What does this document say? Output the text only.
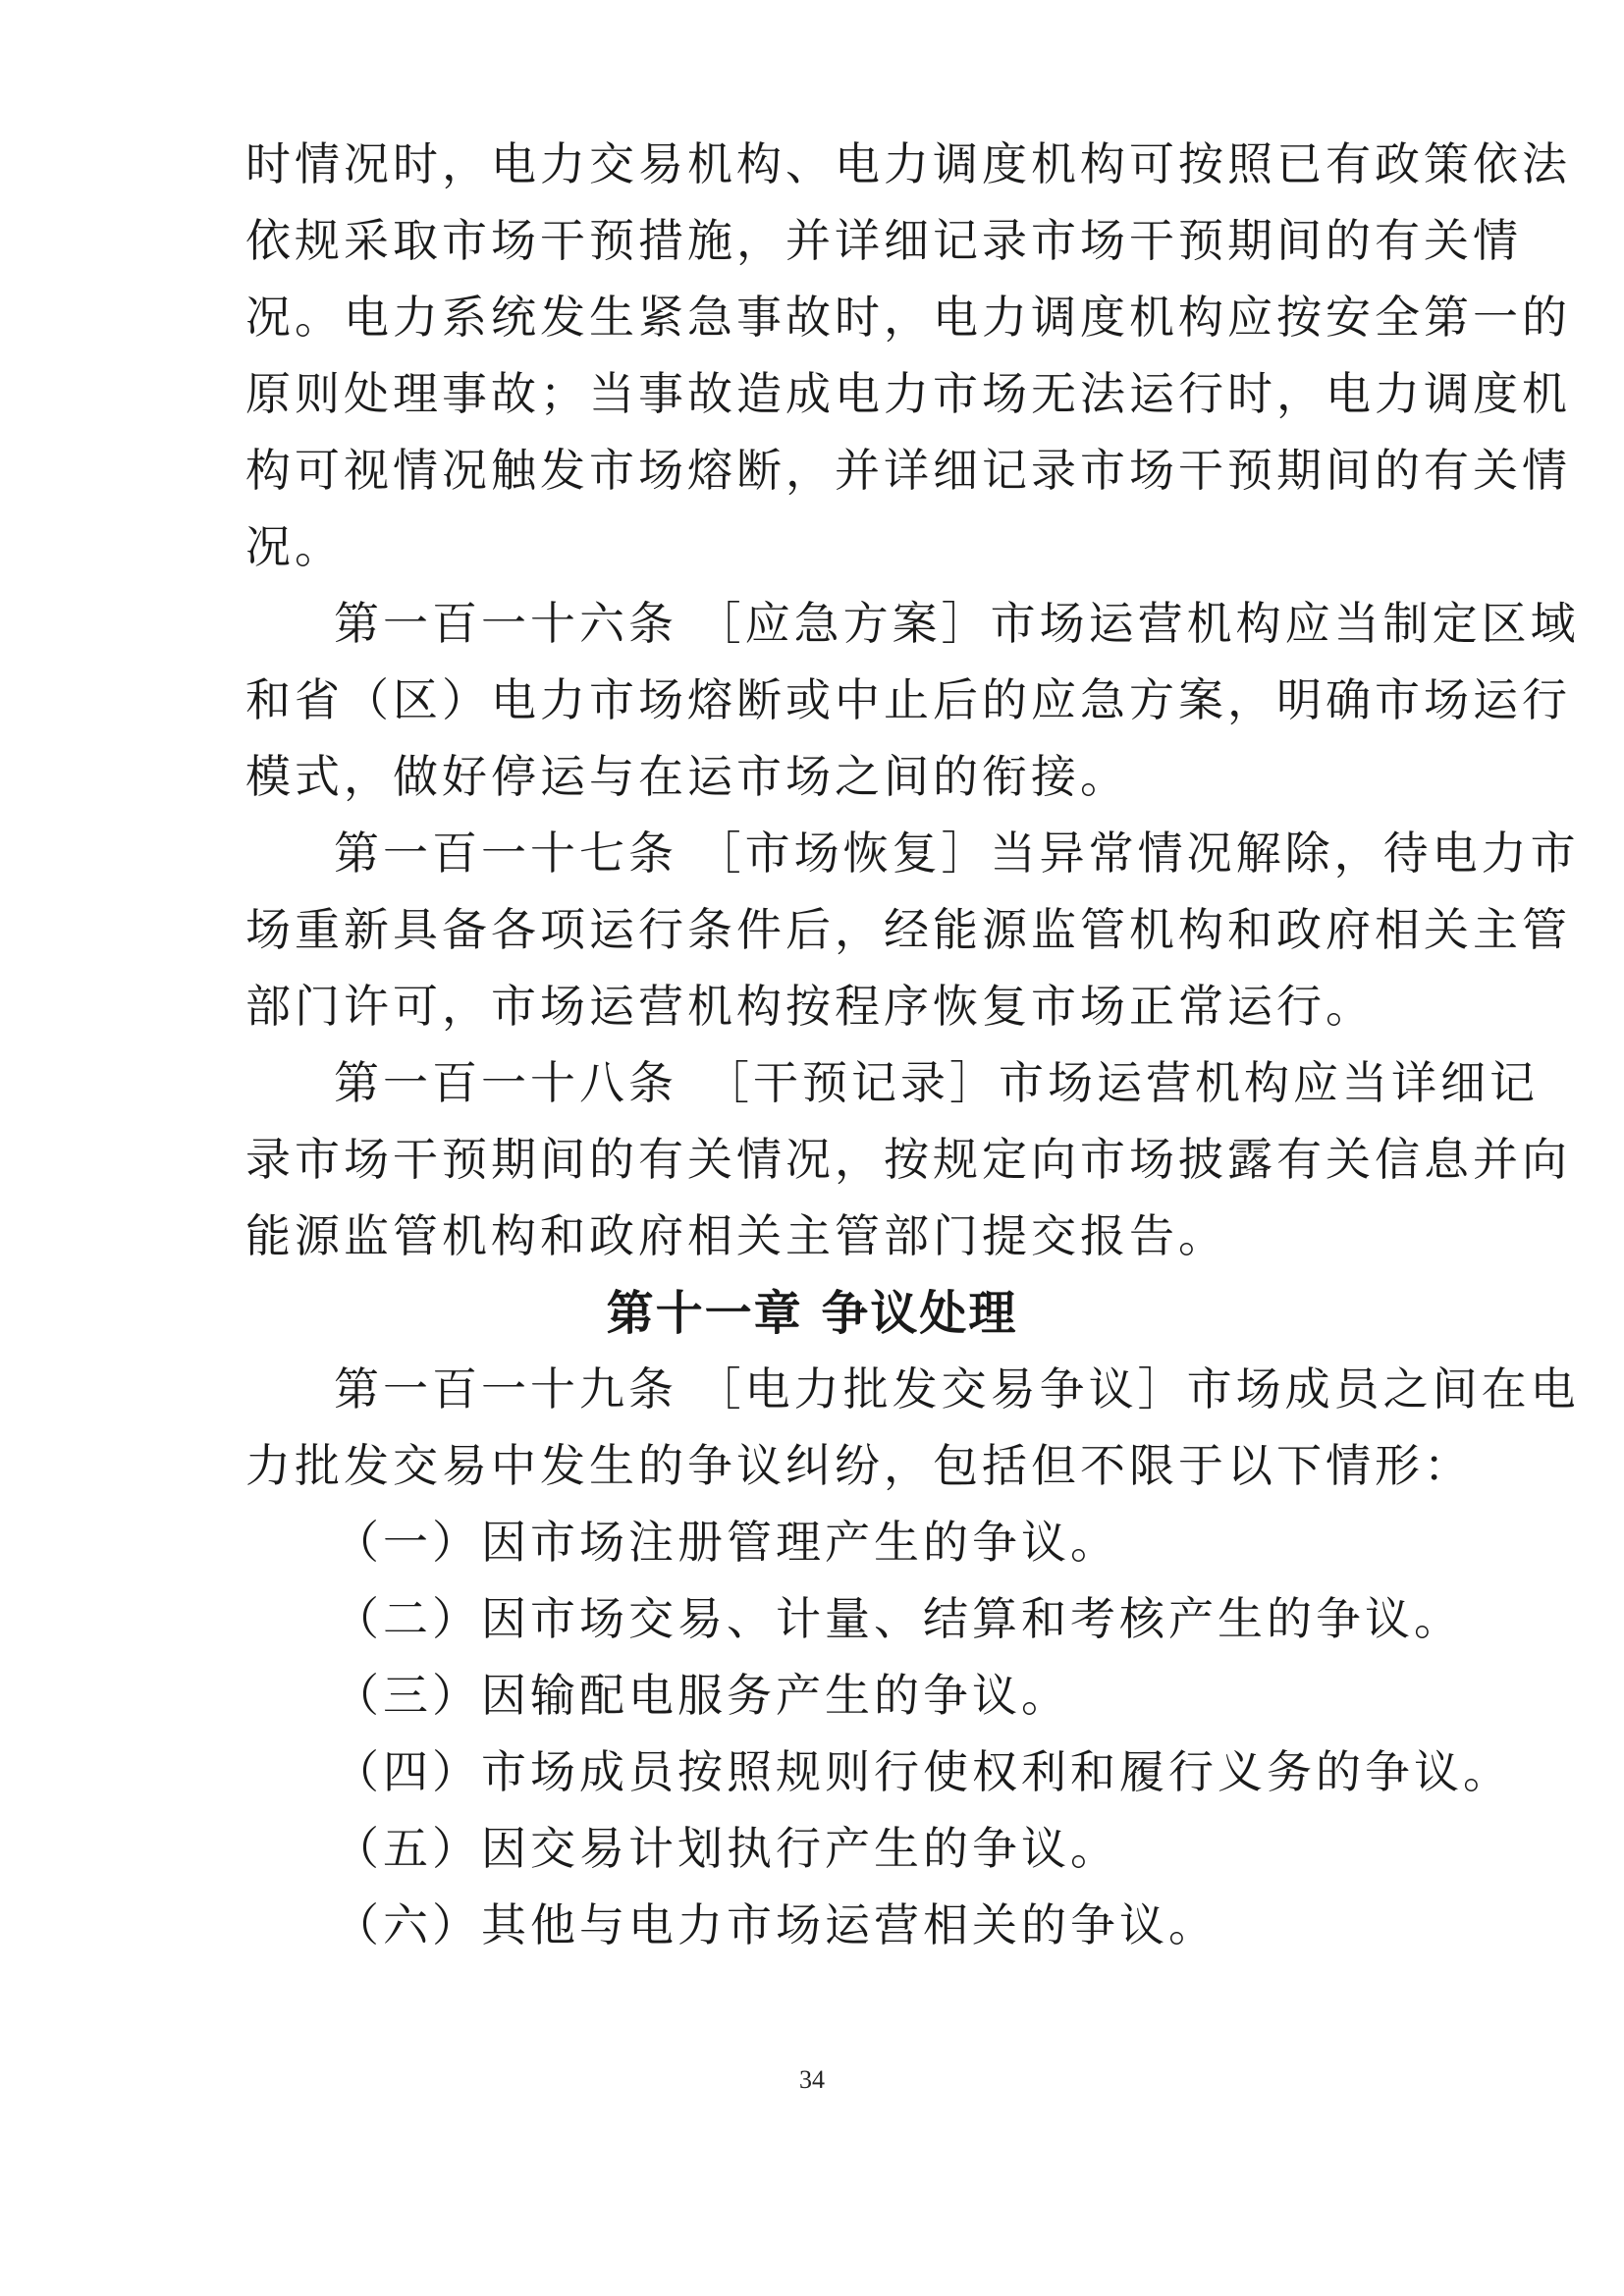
时情况时，电力交易机构、电力调度机构可按照已有政策依法
依规采取市场干预措施，并详细记录市场干预期间的有关情
况。电力系统发生紧急事故时，电力调度机构应按安全第一的
原则处理事故；当事故造成电力市场无法运行时，电力调度机
构可视情况触发市场熔断，并详细记录市场干预期间的有关情
况。
第一百一十六条 ［应急方案］市场运营机构应当制定区域
和省（区）电力市场熔断或中止后的应急方案，明确市场运行
模式，做好停运与在运市场之间的衔接。
第一百一十七条 ［市场恢复］当异常情况解除，待电力市
场重新具备各项运行条件后，经能源监管机构和政府相关主管
部门许可，市场运营机构按程序恢复市场正常运行。
第一百一十八条　［干预记录］市场运营机构应当详细记
录市场干预期间的有关情况，按规定向市场披露有关信息并向
能源监管机构和政府相关主管部门提交报告。
第十一章 争议处理
第一百一十九条 ［电力批发交易争议］市场成员之间在电
力批发交易中发生的争议纠纷，包括但不限于以下情形：
（一）因市场注册管理产生的争议。
（二）因市场交易、计量、结算和考核产生的争议。
（三）因输配电服务产生的争议。
（四）市场成员按照规则行使权利和履行义务的争议。
（五）因交易计划执行产生的争议。
（六）其他与电力市场运营相关的争议。
34
